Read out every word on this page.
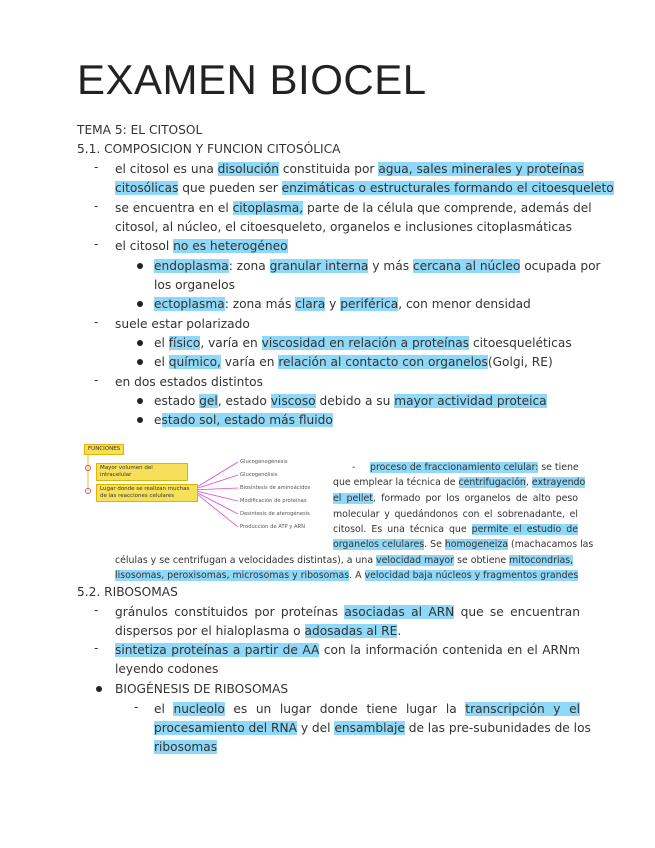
EXAMEN BIOCEL
TEMA 5: EL CITOSOL
5.1. COMPOSICION Y FUNCION CITOSÓLICA
- el citosol es una disolución constituida por agua, sales minerales y proteínas
citosólicas que pueden ser enzimáticas o estructurales formando el citoesqueleto
- se encuentra en el citoplasma, parte de la célula que comprende, además del
citosol, al núcleo, el citoesqueleto, organelos e inclusiones citoplasmáticas
- el citosol no es heterogéneo
endoplasma: zona granular interna y más cercana al núcleo ocupada por
los organelos
ectoplasma: zona más clara y periférica, con menor densidad
- suele estar polarizado
el físico, varía en viscosidad en relación a proteínas citoesqueléticas
el químico, varía en relación al contacto con organelos(Golgi, RE)
- en dos estados distintos
estado gel, estado viscoso debido a su mayor actividad proteica
estado sol, estado más fluido
FUNCIONES
Mayor volumen del intracelular
Lugar donde se realizan muchas de las reacciones celulares
Glucogenogénesis
Glucogenólisis
Biosíntesis de aminoácidos
Modificación de proteínas
Desintesis de aterogénesis
Producción de ATP y ARN
- proceso de fraccionamiento celular: se tiene
que emplear la técnica de centrifugación, extrayendo
el pellet, formado por los organelos de alto peso
molecular y quedándonos con el sobrenadante, el
citosol. Es una técnica que permite el estudio de
organelos celulares. Se homogeneiza (machacamos las
células y se centrifugan a velocidades distintas), a una velocidad mayor se obtiene mitocondrias,
lisosomas, peroxisomas, microsomas y ribosomas. A velocidad baja núcleos y fragmentos grandes
5.2. RIBOSOMAS
- gránulos constituidos por proteínas asociadas al ARN que se encuentran
dispersos por el hialoplasma o adosadas al RE.
- sintetiza proteínas a partir de AA con la información contenida en el ARNm
leyendo codones
BIOGÉNESIS DE RIBOSOMAS
- el nucleolo es un lugar donde tiene lugar la transcripción y el
procesamiento del RNA y del ensamblaje de las pre-subunidades de los
ribosomas
